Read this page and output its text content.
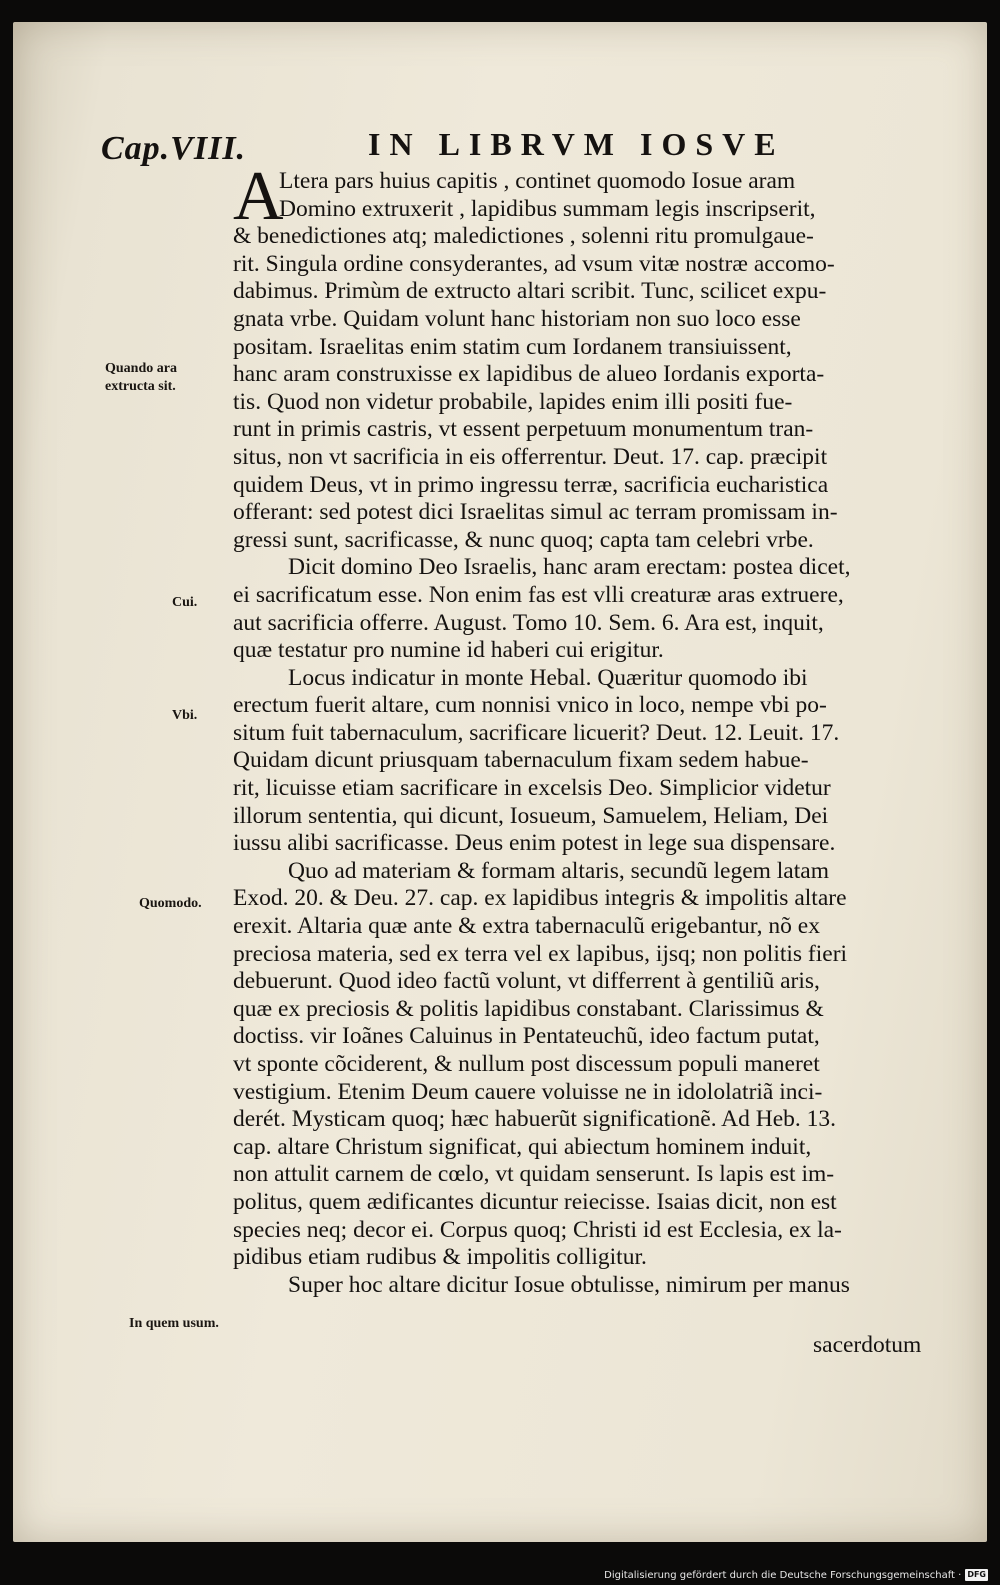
Cap.VIII.	IN LIBRVM IOSVE
Quando ara extructa sit.
Cui.
Vbi.
Quomodo.
In quem usum.
A

Ltera pars huius capitis , continet quomodo Iosue aram

Domino extruxerit , lapidibus summam legis inscripserit,

& benedictiones atq; maledictiones , solenni ritu promulgaue-

rit. Singula ordine consyderantes, ad vsum vitæ nostræ accomo-

dabimus. Primùm de extructo altari scribit. Tunc, scilicet expu-

gnata vrbe. Quidam volunt hanc historiam non suo loco esse

positam. Israelitas enim statim cum Iordanem transiuissent,

hanc aram construxisse ex lapidibus de alueo Iordanis exporta-

tis. Quod non videtur probabile, lapides enim illi positi fue-

runt in primis castris, vt essent perpetuum monumentum tran-

situs, non vt sacrificia in eis offerrentur. Deut. 17. cap. præcipit

quidem Deus, vt in primo ingressu terræ, sacrificia eucharistica

offerant: sed potest dici Israelitas simul ac terram promissam in-

gressi sunt, sacrificasse, & nunc quoq; capta tam celebri vrbe.

Dicit domino Deo Israelis, hanc aram erectam: postea dicet,

ei sacrificatum esse. Non enim fas est vlli creaturæ aras extruere,

aut sacrificia offerre. August. Tomo 10. Sem. 6. Ara est, inquit,

quæ testatur pro numine id haberi cui erigitur.

Locus indicatur in monte Hebal. Quæritur quomodo ibi

erectum fuerit altare, cum nonnisi vnico in loco, nempe vbi po-

situm fuit tabernaculum, sacrificare licuerit? Deut. 12. Leuit. 17.

Quidam dicunt priusquam tabernaculum fixam sedem habue-

rit, licuisse etiam sacrificare in excelsis Deo. Simplicior videtur

illorum sententia, qui dicunt, Iosueum, Samuelem, Heliam, Dei

iussu alibi sacrificasse. Deus enim potest in lege sua dispensare.

Quo ad materiam & formam altaris, secundũ legem latam

Exod. 20. & Deu. 27. cap. ex lapidibus integris & impolitis altare

erexit. Altaria quæ ante & extra tabernaculũ erigebantur, nõ ex

preciosa materia, sed ex terra vel ex lapibus, ijsq; non politis fieri

debuerunt. Quod ideo factũ volunt, vt differrent à gentiliũ aris,

quæ ex preciosis & politis lapidibus constabant. Clarissimus &

doctiss. vir Ioãnes Caluinus in Pentateuchũ, ideo factum putat,

vt sponte cõciderent, & nullum post discessum populi maneret

vestigium. Etenim Deum cauere voluisse ne in idololatriã inci-

derét. Mysticam quoq; hæc habuerũt significationẽ. Ad Heb. 13.

cap. altare Christum significat, qui abiectum hominem induit,

non attulit carnem de cœlo, vt quidam senserunt. Is lapis est im-

politus, quem ædificantes dicuntur reiecisse. Isaias dicit, non est

species neq; decor ei. Corpus quoq; Christi id est Ecclesia, ex la-

pidibus etiam rudibus & impolitis colligitur.

Super hoc altare dicitur Iosue obtulisse, nimirum per manus

sacerdotum

Digitalisierung gefördert durch die Deutsche Forschungsgemeinschaft · DFG
